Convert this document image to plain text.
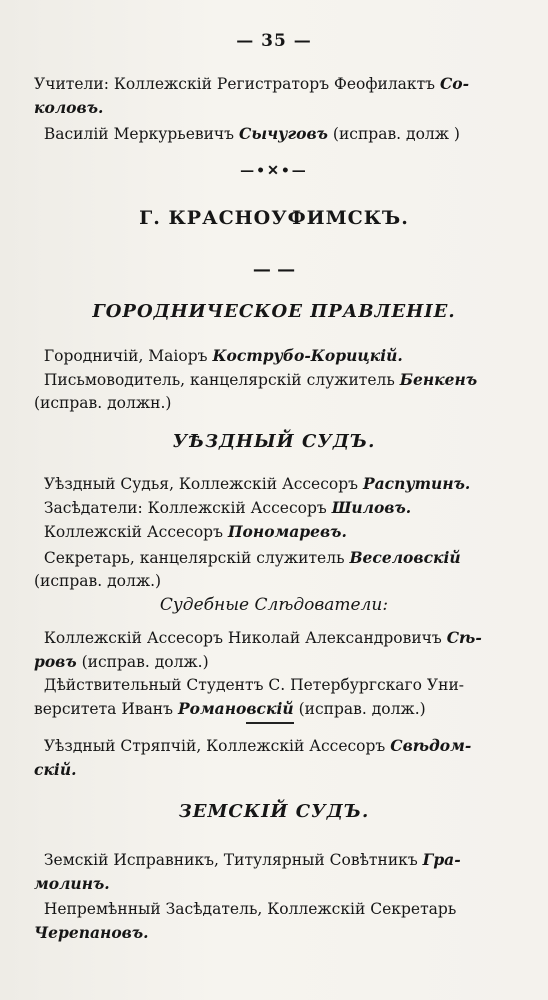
— 35 —
Учители: Коллежскій Регистраторъ Феофилактъ Со-
коловъ.
Василій Меркурьевичъ Сычуговъ (исправ. долж )
—•✕•—
Г. КРАСНОУФИМСКЪ.
— —
ГОРОДНИЧЕСКОЕ ПРАВЛЕНІЕ.
Городничій, Маіоръ Кострубо-Корицкій.
Письмоводитель, канцелярскій служитель Бенкенъ
(исправ. должн.)
УѢЗДНЫЙ СУДЪ.
Уѣздный Судья, Коллежскій Ассесоръ Распутинъ.
Засѣдатели: Коллежскій Ассесоръ Шиловъ.
Коллежскій Ассесоръ Пономаревъ.
Секретарь, канцелярскій служитель Веселовскій
(исправ. долж.)
Судебные Слѣдователи:
Коллежскій Ассесоръ Николай Александровичъ Сѣ-
ровъ (исправ. долж.)
Дѣйствительный Студентъ С. Петербургскаго Уни-
верситета Иванъ Романовскій (исправ. долж.)
Уѣздный Стряпчій, Коллежскій Ассесоръ Свѣдом-
скій.
ЗЕМСКІЙ СУДЪ.
Земскій Исправникъ, Титулярный Совѣтникъ Гра-
молинъ.
Непремѣнный Засѣдатель, Коллежскій Секретарь
Черепановъ.
